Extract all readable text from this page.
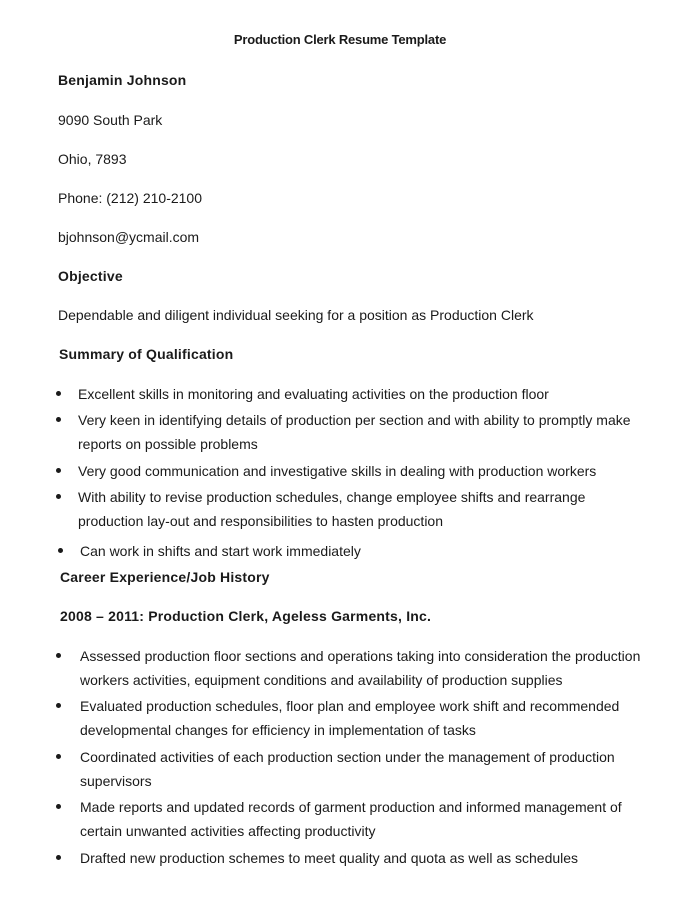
Production Clerk Resume Template
Benjamin Johnson
9090 South Park
Ohio, 7893
Phone: (212) 210-2100
bjohnson@ycmail.com
Objective
Dependable and diligent individual seeking for a position as Production Clerk
Summary of Qualification
Excellent skills in monitoring and evaluating activities on the production floor
Very keen in identifying details of production per section and with ability to promptly make
reports on possible problems
Very good communication and investigative skills in dealing with production workers
With ability to revise production schedules, change employee shifts and rearrange
production lay-out and responsibilities to hasten production
Can work in shifts and start work immediately
Career Experience/Job History
2008 – 2011: Production Clerk, Ageless Garments, Inc.
Assessed production floor sections and operations taking into consideration the production
workers activities, equipment conditions and availability of production supplies
Evaluated production schedules, floor plan and employee work shift and recommended
developmental changes for efficiency in implementation of tasks
Coordinated activities of each production section under the management of production
supervisors
Made reports and updated records of garment production and informed management of
certain unwanted activities affecting productivity
Drafted new production schemes to meet quality and quota as well as schedules
